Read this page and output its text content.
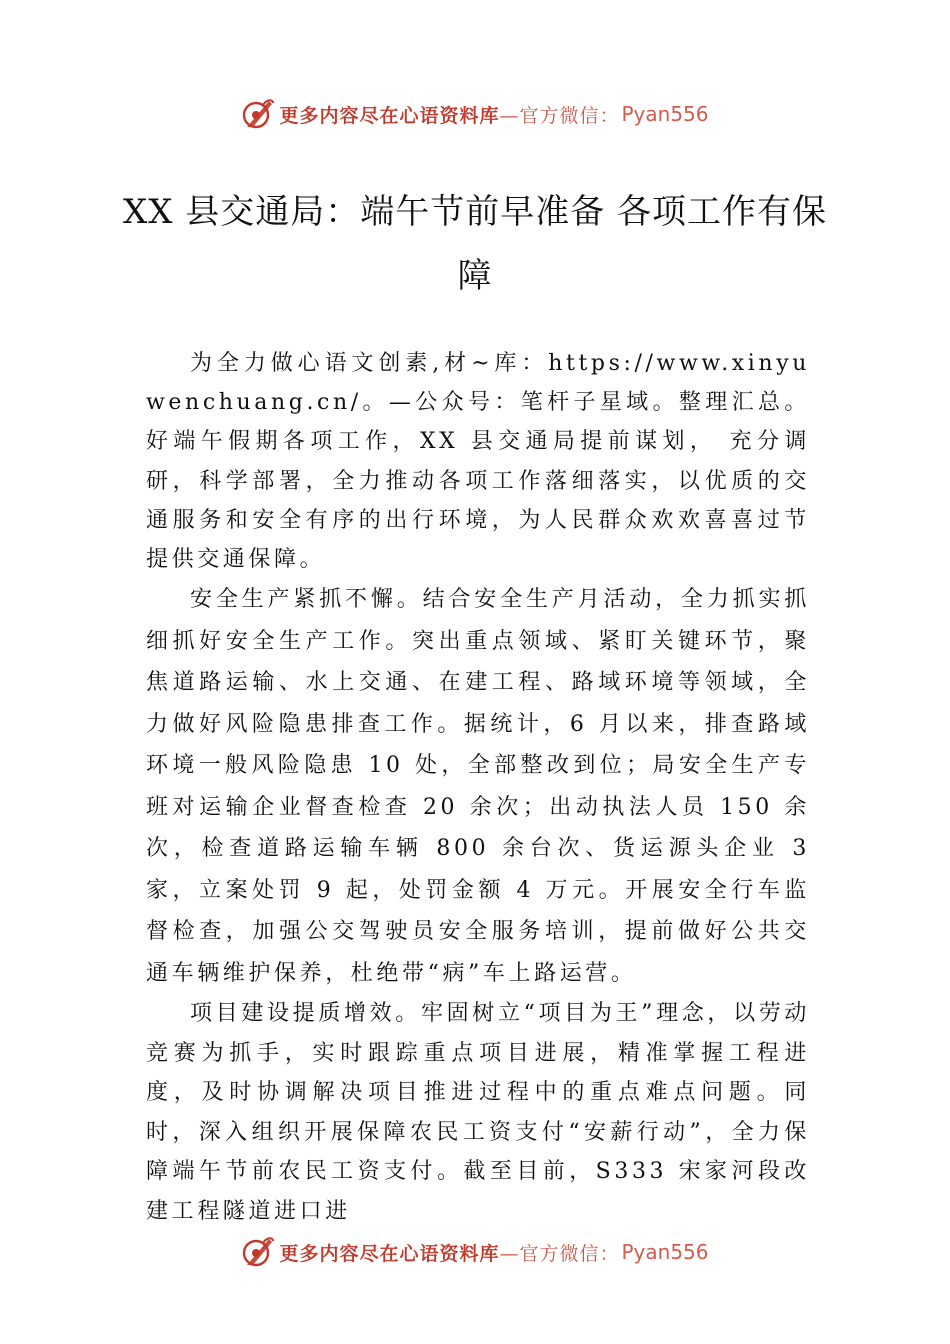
更多内容尽在心语资料库 —官方微信： Pyan556
XX 县交通局：端午节前早准备 各项工作有保障

为全力做心语文创素,材~库：https://www.xinyuwenchuang.cn/。—公众号：笔杆子星域。整理汇总。好端午假期各项工作，XX 县交通局提前谋划， 充分调研，科学部署，全力推动各项工作落细落实，以优质的交通服务和安全有序的出行环境，为人民群众欢欢喜喜过节提供交通保障。

安全生产紧抓不懈。结合安全生产月活动，全力抓实抓细抓好安全生产工作。突出重点领域、紧盯关键环节，聚焦道路运输、水上交通、在建工程、路域环境等领域，全力做好风险隐患排查工作。据统计，6 月以来，排查路域环境一般风险隐患 10 处，全部整改到位；局安全生产专班对运输企业督查检查 20 余次；出动执法人员 150 余次，检查道路运输车辆 800 余台次、货运源头企业 3 家，立案处罚 9 起，处罚金额 4 万元。开展安全行车监督检查，加强公交驾驶员安全服务培训，提前做好公共交通车辆维护保养，杜绝带“病”车上路运营。

项目建设提质增效。牢固树立“项目为王”理念，以劳动竞赛为抓手，实时跟踪重点项目进展，精准掌握工程进度，及时协调解决项目推进过程中的重点难点问题。同时，深入组织开展保障农民工资支付“安薪行动”，全力保障端午节前农民工资支付。截至目前，S333 宋家河段改建工程隧道进口进

更多内容尽在心语资料库 —官方微信： Pyan556
